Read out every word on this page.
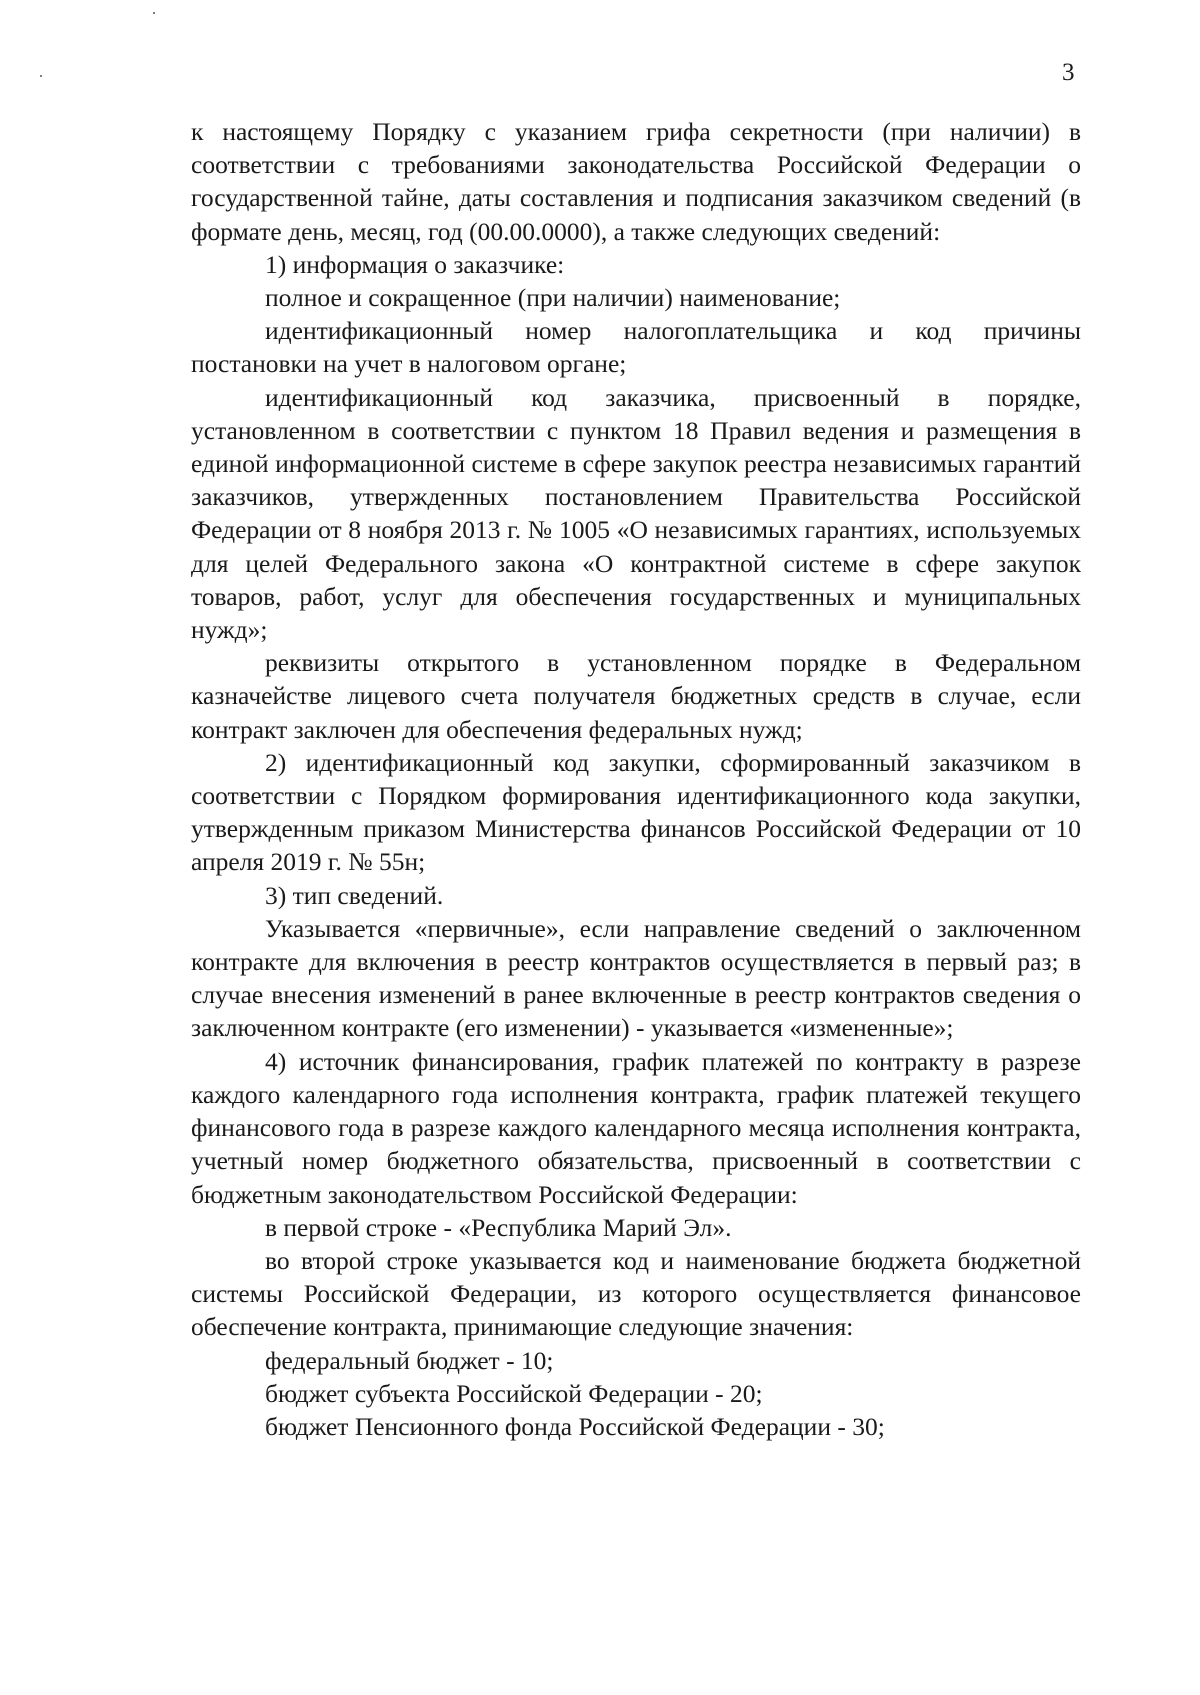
3

к настоящему Порядку с указанием грифа секретности (при наличии) в соответствии с требованиями законодательства Российской Федерации о государственной тайне, даты составления и подписания заказчиком сведений (в формате день, месяц, год (00.00.0000), а также следующих сведений:

1) информация о заказчике:

полное и сокращенное (при наличии) наименование;

идентификационный номер налогоплательщика и код причины постановки на учет в налоговом органе;

идентификационный код заказчика, присвоенный в порядке, установленном в соответствии с пунктом 18 Правил ведения и размещения в единой информационной системе в сфере закупок реестра независимых гарантий заказчиков, утвержденных постановлением Правительства Российской Федерации от 8 ноября 2013 г. № 1005 «О независимых гарантиях, используемых для целей Федерального закона «О контрактной системе в сфере закупок товаров, работ, услуг для обеспечения государственных и муниципальных нужд»;

реквизиты открытого в установленном порядке в Федеральном казначействе лицевого счета получателя бюджетных средств в случае, если контракт заключен для обеспечения федеральных нужд;

2) идентификационный код закупки, сформированный заказчиком в соответствии с Порядком формирования идентификационного кода закупки, утвержденным приказом Министерства финансов Российской Федерации от 10 апреля 2019 г. № 55н;

3) тип сведений.

Указывается «первичные», если направление сведений о заключенном контракте для включения в реестр контрактов осуществляется в первый раз; в случае внесения изменений в ранее включенные в реестр контрактов сведения о заключенном контракте (его изменении) - указывается «измененные»;

4) источник финансирования, график платежей по контракту в разрезе каждого календарного года исполнения контракта, график платежей текущего финансового года в разрезе каждого календарного месяца исполнения контракта, учетный номер бюджетного обязательства, присвоенный в соответствии с бюджетным законодательством Российской Федерации:

в первой строке - «Республика Марий Эл».

во второй строке указывается код и наименование бюджета бюджетной системы Российской Федерации, из которого осуществляется финансовое обеспечение контракта, принимающие следующие значения:

федеральный бюджет - 10;

бюджет субъекта Российской Федерации - 20;

бюджет Пенсионного фонда Российской Федерации - 30;
